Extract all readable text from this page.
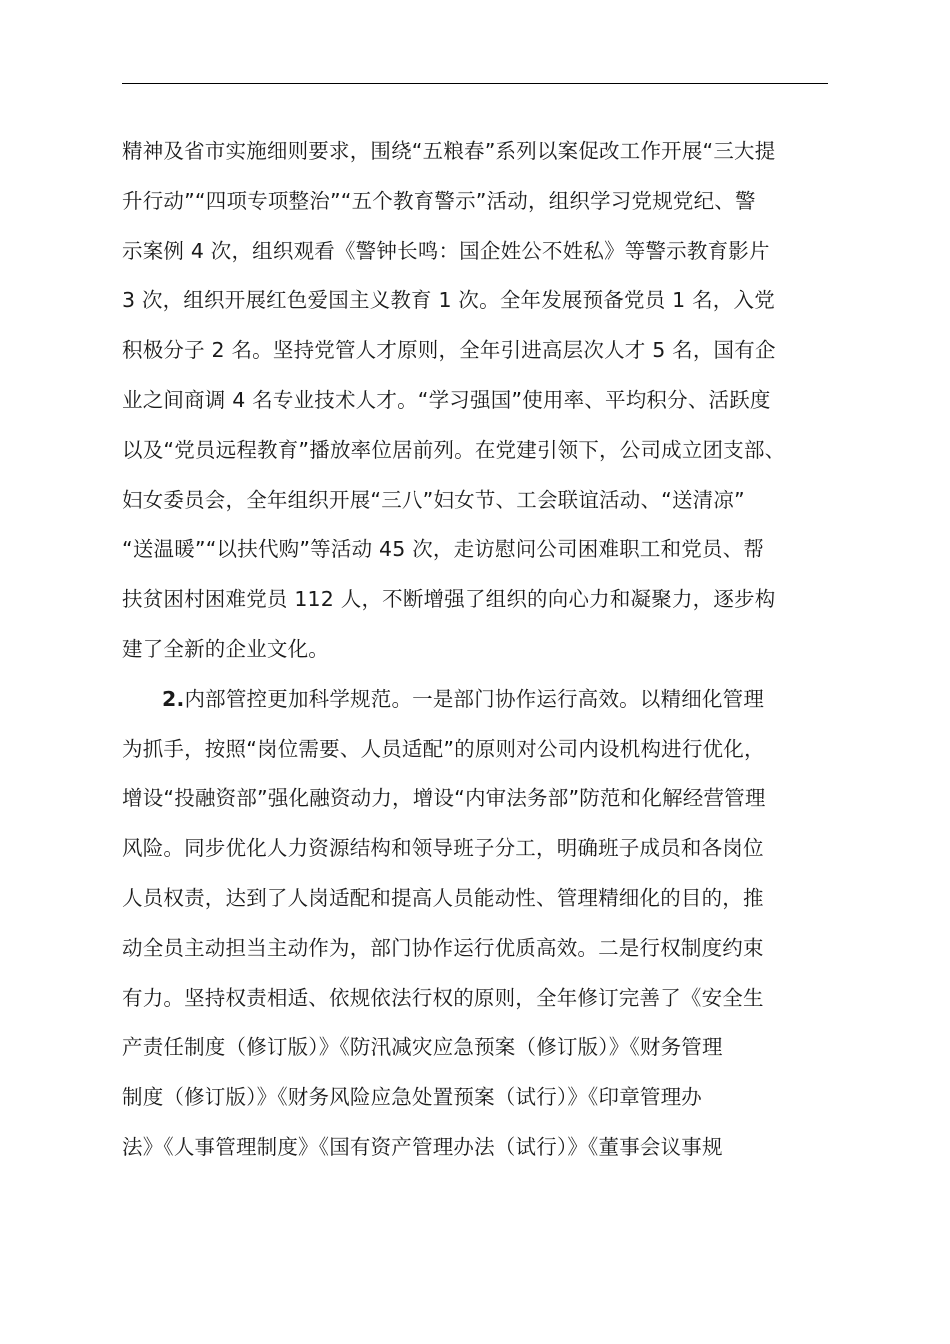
精神及省市实施细则要求，围绕“五粮春”系列以案促改工作开展“三大提
升行动”“四项专项整治”“五个教育警示”活动，组织学习党规党纪、警
示案例 4 次，组织观看《警钟长鸣：国企姓公不姓私》等警示教育影片
3 次，组织开展红色爱国主义教育 1 次。全年发展预备党员 1 名，入党
积极分子 2 名。坚持党管人才原则，全年引进高层次人才 5 名，国有企
业之间商调 4 名专业技术人才。“学习强国”使用率、平均积分、活跃度
以及“党员远程教育”播放率位居前列。在党建引领下，公司成立团支部、
妇女委员会，全年组织开展“三八”妇女节、工会联谊活动、“送清凉”
“送温暖”“以扶代购”等活动 45 次，走访慰问公司困难职工和党员、帮
扶贫困村困难党员 112 人，不断增强了组织的向心力和凝聚力，逐步构
建了全新的企业文化。
2.内部管控更加科学规范。一是部门协作运行高效。以精细化管理
为抓手，按照“岗位需要、人员适配”的原则对公司内设机构进行优化，
增设“投融资部”强化融资动力，增设“内审法务部”防范和化解经营管理
风险。同步优化人力资源结构和领导班子分工，明确班子成员和各岗位
人员权责，达到了人岗适配和提高人员能动性、管理精细化的目的，推
动全员主动担当主动作为，部门协作运行优质高效。二是行权制度约束
有力。坚持权责相适、依规依法行权的原则，全年修订完善了《安全生
产责任制度（修订版）》《防汛减灾应急预案（修订版）》《财务管理
制度（修订版）》《财务风险应急处置预案（试行）》《印章管理办
法》《人事管理制度》《国有资产管理办法（试行）》《董事会议事规
